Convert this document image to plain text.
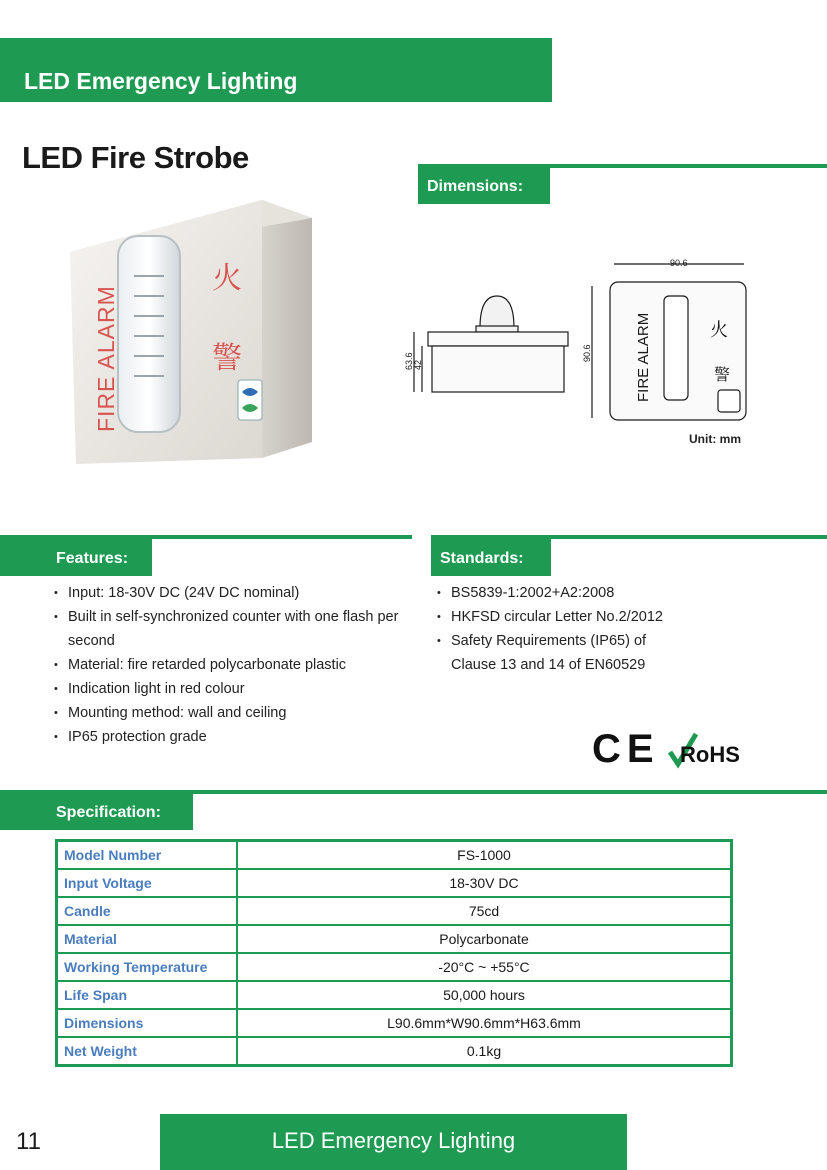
LED Emergency Lighting
LED Fire Strobe
FIRE ALARM
火
警
Dimensions:
63.6 42
90.6
90.6	FIRE ALARM	火
警
Unit: mm
Features:
• Input: 18-30V DC (24V DC nominal)
• Built in self-synchronized counter with one flash per second
• Material: fire retarded polycarbonate plastic
• Indication light in red colour
• Mounting method: wall and ceiling
• IP65 protection grade
Standards:
• BS5839-1:2002+A2:2008
• HKFSD circular Letter No.2/2012
• Safety Requirements (IP65) of Clause 13 and 14 of EN60529
CE RoHS
Specification:
Model Number	FS-1000
Input Voltage	18-30V DC
Candle	75cd
Material	Polycarbonate
Working Temperature	-20°C ~ +55°C
Life Span	50,000 hours
Dimensions	L90.6mm*W90.6mm*H63.6mm
Net Weight	0.1kg
11	LED Emergency Lighting
